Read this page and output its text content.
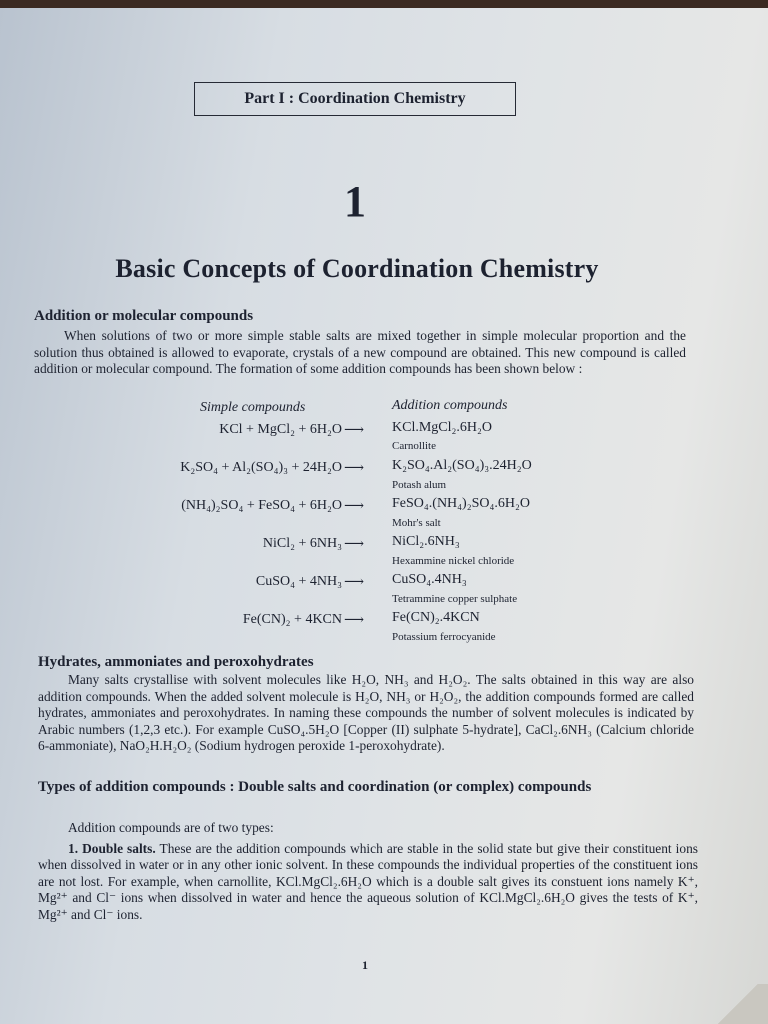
Part I : Coordination Chemistry
1
Basic Concepts of Coordination Chemistry
Addition or molecular compounds

When solutions of two or more simple stable salts are mixed together in simple molecular proportion and the solution thus obtained is allowed to evaporate, crystals of a new compound are obtained. This new compound is called addition or molecular compound. The formation of some addition compounds has been shown below :

Simple compounds	Addition compounds
KCl + MgCl₂ + 6H₂O ⟶ KCl.MgCl₂.6H₂O
Carnollite
K₂SO₄ + Al₂(SO₄)₃ + 24H₂O ⟶ K₂SO₄.Al₂(SO₄)₃.24H₂O
Potash alum
(NH₄)₂SO₄ + FeSO₄ + 6H₂O ⟶ FeSO₄.(NH₄)₂SO₄.6H₂O
Mohr's salt
NiCl₂ + 6NH₃ ⟶ NiCl₂.6NH₃
Hexammine nickel chloride
CuSO₄ + 4NH₃ ⟶ CuSO₄.4NH₃
Tetrammine copper sulphate
Fe(CN)₂ + 4KCN ⟶ Fe(CN)₂.4KCN
Potassium ferrocyanide
Hydrates, ammoniates and peroxohydrates

Many salts crystallise with solvent molecules like H₂O, NH₃ and H₂O₂. The salts obtained in this way are also addition compounds. When the added solvent molecule is H₂O, NH₃ or H₂O₂, the addition compounds formed are called hydrates, ammoniates and peroxohydrates. In naming these compounds the number of solvent molecules is indicated by Arabic numbers (1,2,3 etc.). For example CuSO₄.5H₂O [Copper (II) sulphate 5-hydrate], CaCl₂.6NH₃ (Calcium chloride 6-ammoniate), NaO₂H.H₂O₂ (Sodium hydrogen peroxide 1-peroxohydrate).

Types of addition compounds : Double salts and coordination (or complex) compounds

Addition compounds are of two types:

1. Double salts. These are the addition compounds which are stable in the solid state but give their constituent ions when dissolved in water or in any other ionic solvent. In these compounds the individual properties of the constituent ions are not lost. For example, when carnollite, KCl.MgCl₂.6H₂O which is a double salt gives its constuent ions namely K⁺, Mg²⁺ and Cl⁻ ions when dissolved in water and hence the aqueous solution of KCl.MgCl₂.6H₂O gives the tests of K⁺, Mg²⁺ and Cl⁻ ions.

1
